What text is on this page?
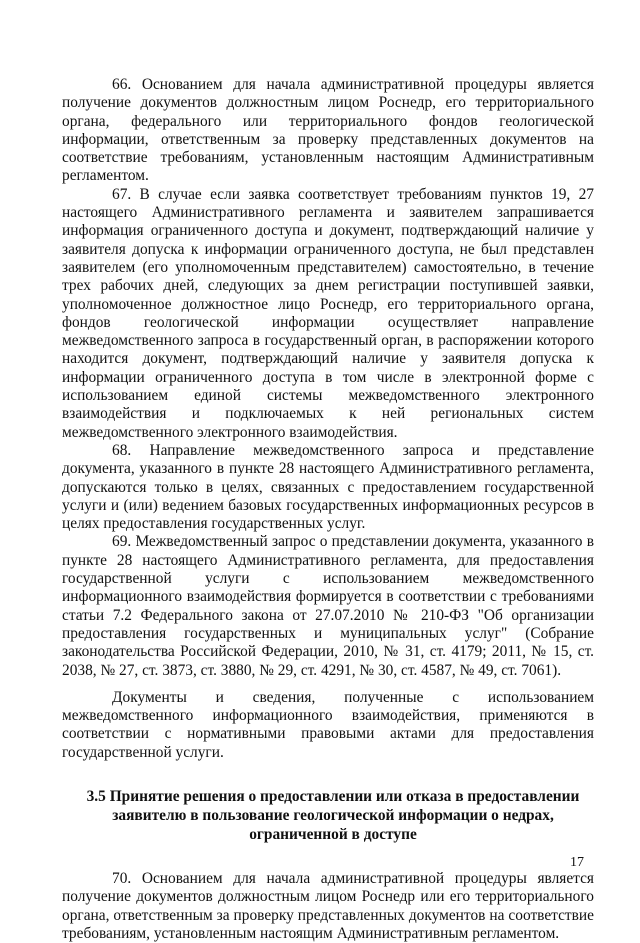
66. Основанием для начала административной процедуры является получение документов должностным лицом Роснедр, его территориального органа, федерального или территориального фондов геологической информации, ответственным за проверку представленных документов на соответствие требованиям, установленным настоящим Административным регламентом.

67. В случае если заявка соответствует требованиям пунктов 19, 27 настоящего Административного регламента и заявителем запрашивается информация ограниченного доступа и документ, подтверждающий наличие у заявителя допуска к информации ограниченного доступа, не был представлен заявителем (его уполномоченным представителем) самостоятельно, в течение трех рабочих дней, следующих за днем регистрации поступившей заявки, уполномоченное должностное лицо Роснедр, его территориального органа, фондов геологической информации осуществляет направление межведомственного запроса в государственный орган, в распоряжении которого находится документ, подтверждающий наличие у заявителя допуска к информации ограниченного доступа в том числе в электронной форме с использованием единой системы межведомственного электронного взаимодействия и подключаемых к ней региональных систем межведомственного электронного взаимодействия.

68. Направление межведомственного запроса и представление документа, указанного в пункте 28 настоящего Административного регламента, допускаются только в целях, связанных с предоставлением государственной услуги и (или) ведением базовых государственных информационных ресурсов в целях предоставления государственных услуг.

69. Межведомственный запрос о представлении документа, указанного в пункте 28 настоящего Административного регламента, для предоставления государственной услуги с использованием межведомственного информационного взаимодействия формируется в соответствии с требованиями статьи 7.2 Федерального закона от 27.07.2010 № 210-ФЗ "Об организации предоставления государственных и муниципальных услуг" (Собрание законодательства Российской Федерации, 2010, № 31, ст. 4179; 2011, № 15, ст. 2038, № 27, ст. 3873, ст. 3880, № 29, ст. 4291, № 30, ст. 4587, № 49, ст. 7061).

Документы и сведения, полученные с использованием межведомственного информационного взаимодействия, применяются в соответствии с нормативными правовыми актами для предоставления государственной услуги.

3.5 Принятие решения о предоставлении или отказа в предоставлении заявителю в пользование геологической информации о недрах, ограниченной в доступе

70. Основанием для начала административной процедуры является получение документов должностным лицом Роснедр или его территориального органа, ответственным за проверку представленных документов на соответствие требованиям, установленным настоящим Административным регламентом.

17
